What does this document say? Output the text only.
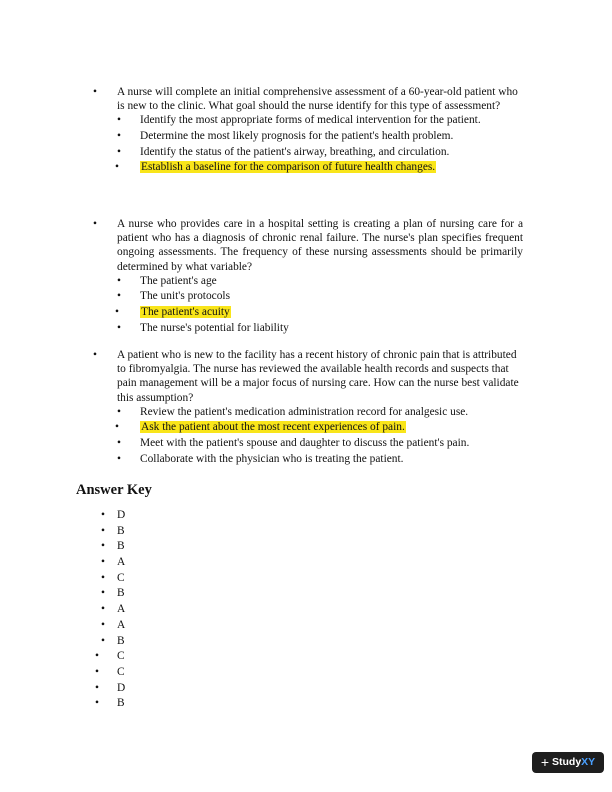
• A nurse will complete an initial comprehensive assessment of a 60-year-old patient who is new to the clinic. What goal should the nurse identify for this type of assessment?
• Identify the most appropriate forms of medical intervention for the patient.
• Determine the most likely prognosis for the patient's health problem.
• Identify the status of the patient's airway, breathing, and circulation.
• Establish a baseline for the comparison of future health changes.
• A nurse who provides care in a hospital setting is creating a plan of nursing care for a patient who has a diagnosis of chronic renal failure. The nurse's plan specifies frequent ongoing assessments. The frequency of these nursing assessments should be primarily determined by what variable?
• The patient's age
• The unit's protocols
• The patient's acuity
• The nurse's potential for liability
• A patient who is new to the facility has a recent history of chronic pain that is attributed to fibromyalgia. The nurse has reviewed the available health records and suspects that pain management will be a major focus of nursing care. How can the nurse best validate this assumption?
• Review the patient's medication administration record for analgesic use.
• Ask the patient about the most recent experiences of pain.
• Meet with the patient's spouse and daughter to discuss the patient's pain.
• Collaborate with the physician who is treating the patient.
Answer Key
• D
• B
• B
• A
• C
• B
• A
• A
• B
• C
• C
• D
• B
+ StudyXY
